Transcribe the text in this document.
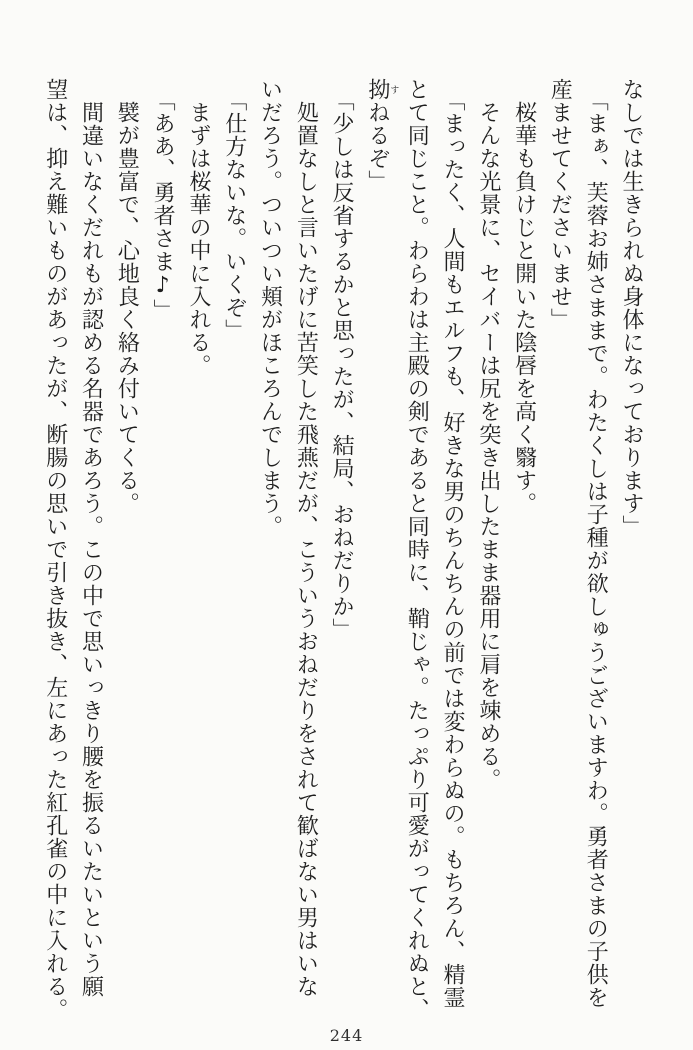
なしでは生きられぬ身体になっております」
「まぁ、芙蓉お姉さままで。わたくしは子種が欲しゅうございますわ。勇者さまの子供を
産ませてくださいませ」
桜華も負けじと開いた陰唇を高く翳す。
そんな光景に、セイバーは尻を突き出したまま器用に肩を竦める。
「まったく、人間もエルフも、好きな男のちんちんの前では変わらぬの。もちろん、精霊
とて同じこと。わらわは主殿の剣であると同時に、鞘じゃ。たっぷり可愛がってくれぬと、
拗すねるぞ」
「少しは反省するかと思ったが、結局、おねだりか」
処置なしと言いたげに苦笑した飛燕だが、こういうおねだりをされて歓ばない男はいな
いだろう。ついつい頬がほころんでしまう。
「仕方ないな。いくぞ」
まずは桜華の中に入れる。
「ああ、勇者さま♪」
襞が豊富で、心地良く絡み付いてくる。
間違いなくだれもが認める名器であろう。この中で思いっきり腰を振るいたいという願
望は、抑え難いものがあったが、断腸の思いで引き抜き、左にあった紅孔雀の中に入れる。
244
